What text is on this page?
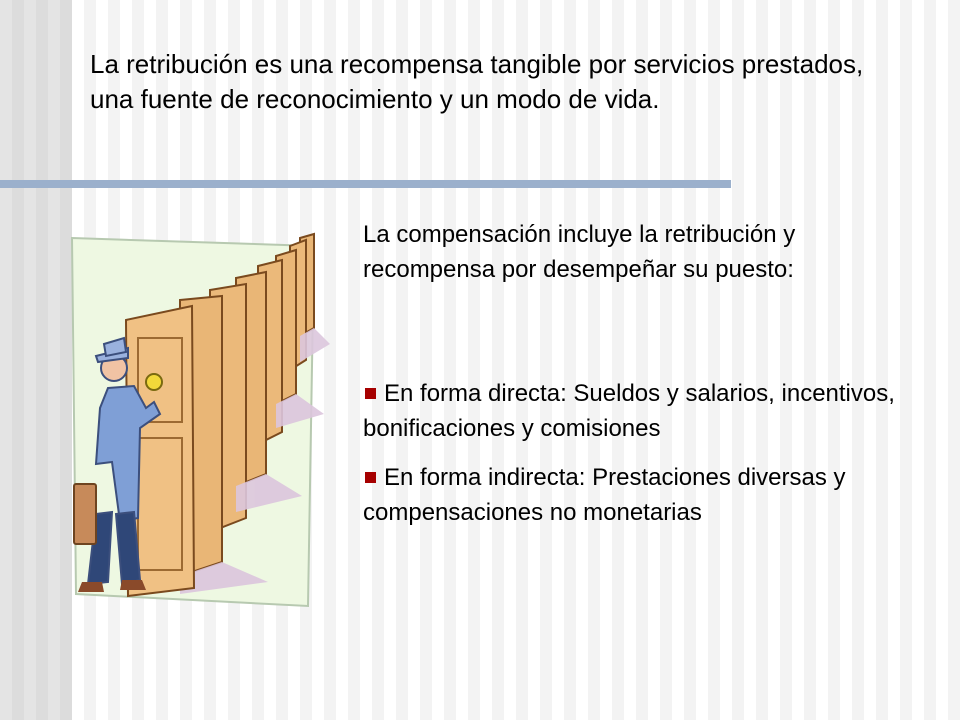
La retribución es una recompensa tangible por servicios prestados, una fuente de reconocimiento y un modo de vida.

La compensación incluye la retribución y recompensa por desempeñar su puesto:

En forma directa: Sueldos y salarios, incentivos, bonificaciones y comisiones
En forma indirecta: Prestaciones diversas y compensaciones no monetarias
